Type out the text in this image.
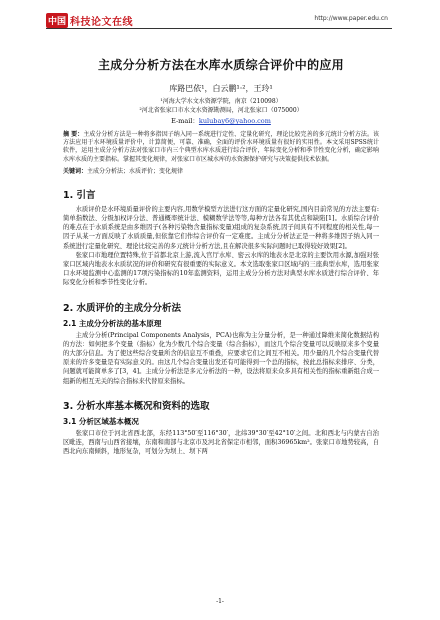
中国 科技论文在线	http://www.paper.edu.cn
主成分分析方法在水库水质综合评价中的应用
库路巴依¹，白云鹏¹·²，王玲¹
¹河海大学水文水资源学院，南京（210098）
²河北省张家口市水文水资源勘测局，河北张家口（075000）
E-mail：kulubay6@yahoo.com
摘 要：主成分分析方法是一种将多指因子纳入同一系统进行定性、定量化研究，理论比较完善的多元统计分析方法。该方法应用于水环境质量评价中，计算简便，可靠、准确，全面的评价水环境质量有很好的实用性。本文采用SPSS统计软件，运用主成分分析方法对张家口市内三个典型水库水质进行综合评价，年际变化分析和季节性变化分析，确定影响水库水质的主要指标。掌握其变化规律，对张家口市区城水库的水资源保护研究与决策提供技术依据。
关键词：主成分分析法；水质评价；变化规律
1. 引言

水质评价是水环境质量评价的主要内容,用数学模型方法进行这方面的定量化研究,国内目前常见的方法主要有:简单指数法、分级加权评分法、普通概率统计法、模糊数学法等等,每种方法各有其优点和缺陷[1]。水质综合评价的难点在于水质系统是由多维因子(各种污染物含量指标变量)组成的复杂系统,因子间具有不同程度的相关性,每一因子从某一方面反映了水质质量,但依靠它们作综合评价有一定难度。主成分分析法正是一种将多维因子纳入同一系统进行定量化研究、理论比较完善的多元统计分析方法,且在解决很多实际问题时已取得较好效果[2]。

张家口市地理位置特殊,位于首都北京上游,流入官厅水库、密云水库的地表水是北京的主要饮用水源,加强对张家口区域内地表水水质状况的评价和研究有很重要的实际意义。本文选取张家口区域内的三座典型水库，选用张家口水环境监测中心监测的17项污染指标的10年监测资料，运用主成分分析方法对典型水库水质进行综合评价、年际变化分析和季节性变化分析。

2. 水质评价的主成分分析法
2.1 主成分分析法的基本原理

主成分分析(Principal Components Analysis，PCA)也称为主分量分析，是一种通过降维来简化数据结构的方法：如何把多个变量（指标）化为少数几个综合变量（综合指标），而这几个综合变量可以反映原来多个变量的大部分信息。为了使这些综合变量所含的信息互不重叠，应要求它们之间互不相关。用少量的几个综合变量代替原来的许多变量是有实际意义的。由这几个综合变量出发还有可能得到一个总的指标，按此总指标来排序、分类，问题就可能简单多了[3，4]。主成分分析法是多元分析法的一种，设法将原来众多具有相关性的指标重新组合成一组新的相互无关的综合指标来代替原来指标。

3. 分析水库基本概况和资料的选取
3.1 分析区域基本概况

张家口市位于河北省西北部，东经113°50′至116°30′，北纬39°30′至42°10′之间。北和西北与内蒙古自治区毗连，西南与山西省接壤，东南和南部与北京市及河北省保定市相邻，面积36965km²。张家口市地势较高，自西北向东南倾斜，地形复杂，可划分为坝上、坝下两

-1-
